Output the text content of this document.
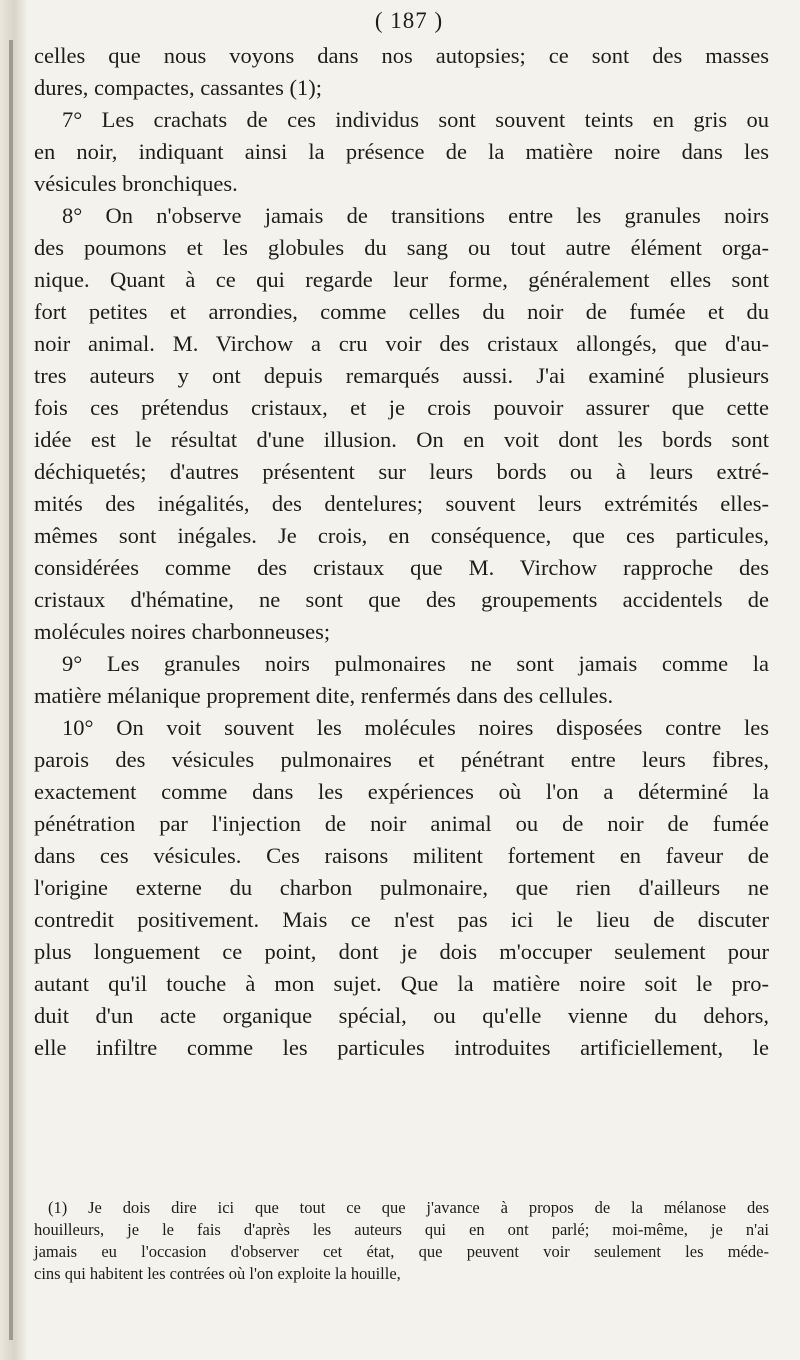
( 187 )
celles que nous voyons dans nos autopsies; ce sont des masses
dures, compactes, cassantes (1);
7° Les crachats de ces individus sont souvent teints en gris ou
en noir, indiquant ainsi la présence de la matière noire dans les
vésicules bronchiques.
8° On n'observe jamais de transitions entre les granules noirs
des poumons et les globules du sang ou tout autre élément orga-
nique. Quant à ce qui regarde leur forme, généralement elles sont
fort petites et arrondies, comme celles du noir de fumée et du
noir animal. M. Virchow a cru voir des cristaux allongés, que d'au-
tres auteurs y ont depuis remarqués aussi. J'ai examiné plusieurs
fois ces prétendus cristaux, et je crois pouvoir assurer que cette
idée est le résultat d'une illusion. On en voit dont les bords sont
déchiquetés; d'autres présentent sur leurs bords ou à leurs extré-
mités des inégalités, des dentelures; souvent leurs extrémités elles-
mêmes sont inégales. Je crois, en conséquence, que ces particules,
considérées comme des cristaux que M. Virchow rapproche des
cristaux d'hématine, ne sont que des groupements accidentels de
molécules noires charbonneuses;
9° Les granules noirs pulmonaires ne sont jamais comme la
matière mélanique proprement dite, renfermés dans des cellules.
10° On voit souvent les molécules noires disposées contre les
parois des vésicules pulmonaires et pénétrant entre leurs fibres,
exactement comme dans les expériences où l'on a déterminé la
pénétration par l'injection de noir animal ou de noir de fumée
dans ces vésicules. Ces raisons militent fortement en faveur de
l'origine externe du charbon pulmonaire, que rien d'ailleurs ne
contredit positivement. Mais ce n'est pas ici le lieu de discuter
plus longuement ce point, dont je dois m'occuper seulement pour
autant qu'il touche à mon sujet. Que la matière noire soit le pro-
duit d'un acte organique spécial, ou qu'elle vienne du dehors,
elle infiltre comme les particules introduites artificiellement, le
(1) Je dois dire ici que tout ce que j'avance à propos de la mélanose des
houilleurs, je le fais d'après les auteurs qui en ont parlé; moi-même, je n'ai
jamais eu l'occasion d'observer cet état, que peuvent voir seulement les méde-
cins qui habitent les contrées où l'on exploite la houille,
